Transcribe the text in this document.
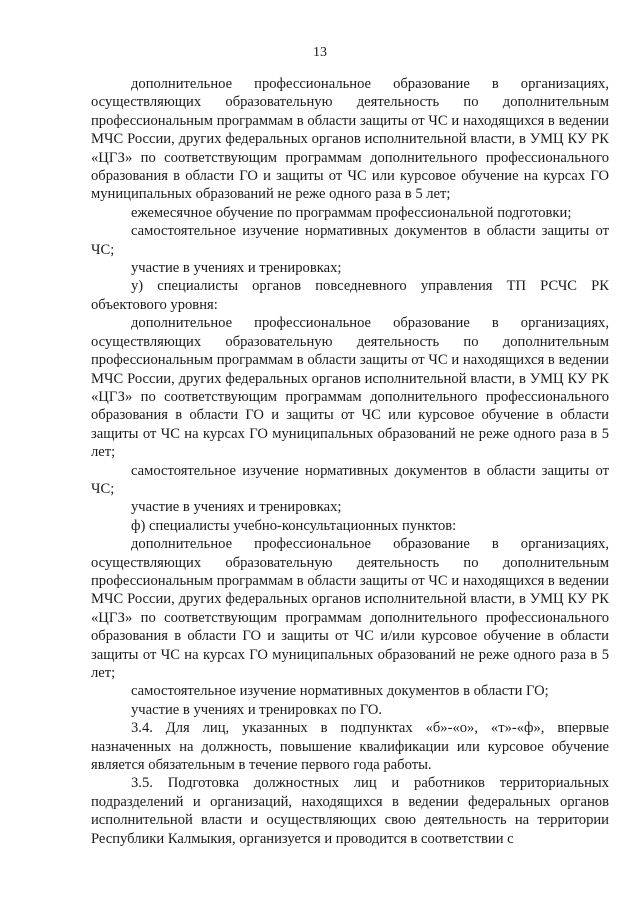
13

дополнительное профессиональное образование в организациях, осуществляющих образовательную деятельность по дополнительным профессиональным программам в области защиты от ЧС и находящихся в ведении МЧС России, других федеральных органов исполнительной власти, в УМЦ КУ РК «ЦГЗ» по соответствующим программам дополнительного профессионального образования в области ГО и защиты от ЧС или курсовое обучение на курсах ГО муниципальных образований не реже одного раза в 5 лет;

ежемесячное обучение по программам профессиональной подготовки;

самостоятельное изучение нормативных документов в области защиты от ЧС;

участие в учениях и тренировках;

у) специалисты органов повседневного управления ТП РСЧС РК объектового уровня:

дополнительное профессиональное образование в организациях, осуществляющих образовательную деятельность по дополнительным профессиональным программам в области защиты от ЧС и находящихся в ведении МЧС России, других федеральных органов исполнительной власти, в УМЦ КУ РК «ЦГЗ» по соответствующим программам дополнительного профессионального образования в области ГО и защиты от ЧС или курсовое обучение в области защиты от ЧС на курсах ГО муниципальных образований не реже одного раза в 5 лет;

самостоятельное изучение нормативных документов в области защиты от ЧС;

участие в учениях и тренировках;

ф) специалисты учебно-консультационных пунктов:

дополнительное профессиональное образование в организациях, осуществляющих образовательную деятельность по дополнительным профессиональным программам в области защиты от ЧС и находящихся в ведении МЧС России, других федеральных органов исполнительной власти, в УМЦ КУ РК «ЦГЗ» по соответствующим программам дополнительного профессионального образования в области ГО и защиты от ЧС и/или курсовое обучение в области защиты от ЧС на курсах ГО муниципальных образований не реже одного раза в 5 лет;

самостоятельное изучение нормативных документов в области ГО;

участие в учениях и тренировках по ГО.

3.4. Для лиц, указанных в подпунктах «б»-«о», «т»-«ф», впервые назначенных на должность, повышение квалификации или курсовое обучение является обязательным в течение первого года работы.

3.5. Подготовка должностных лиц и работников территориальных подразделений и организаций, находящихся в ведении федеральных органов исполнительной власти и осуществляющих свою деятельность на территории Республики Калмыкия, организуется и проводится в соответствии с
